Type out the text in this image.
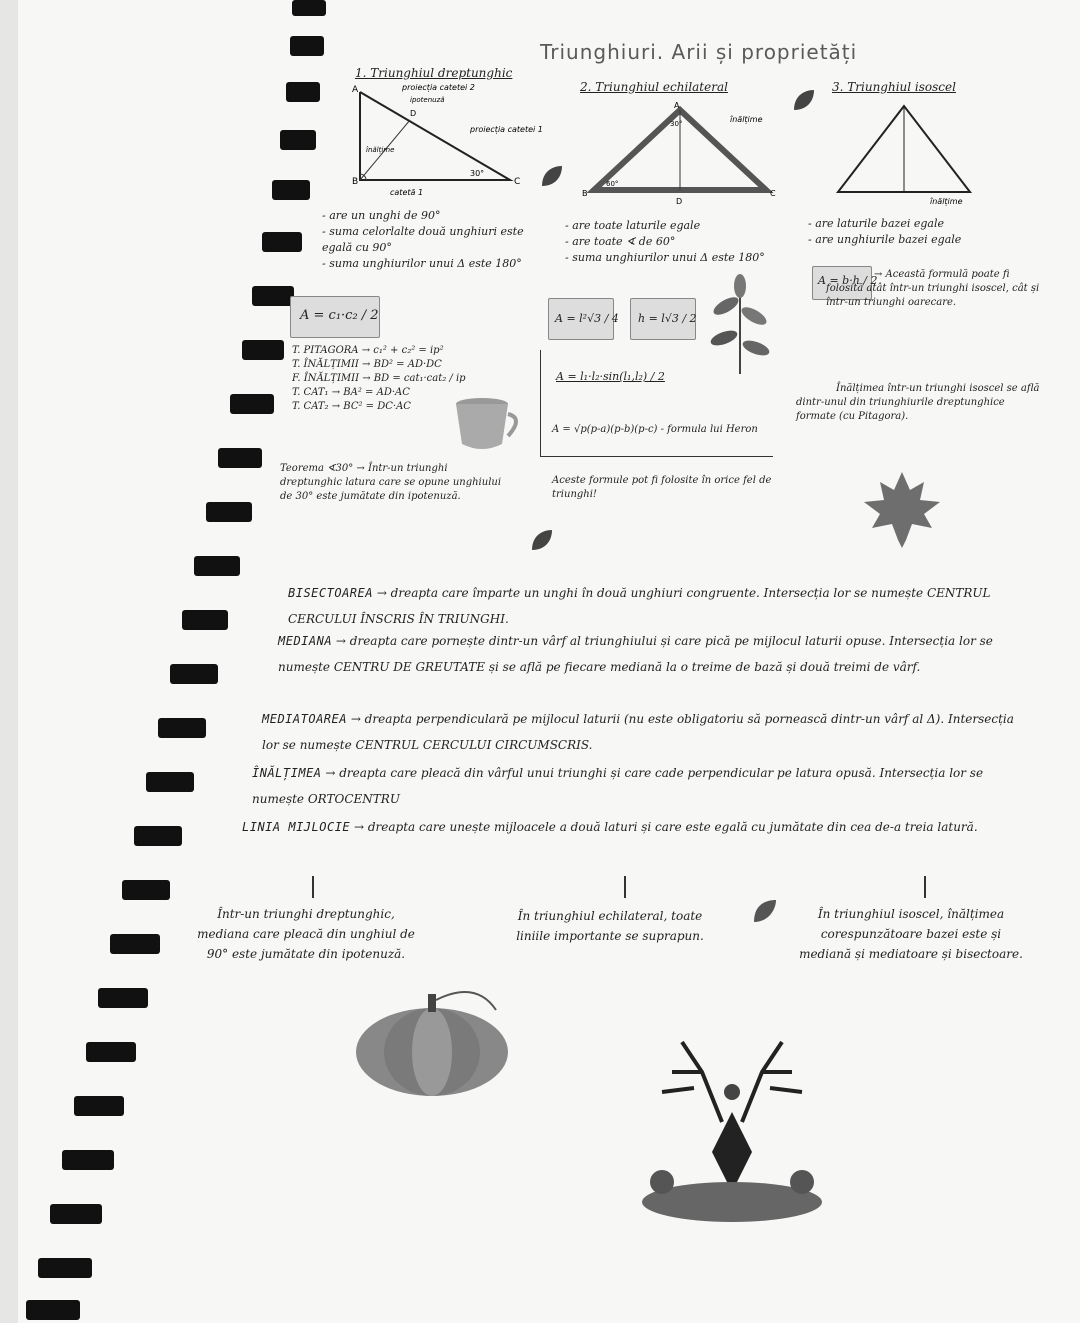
Triunghiuri. Arii și proprietăți
1. Triunghiul dreptunghic
A
B	C
D
30°
catetă 1
proiecția catetei 2
proiecția catetei 1
ipotenuză
înălțime
- are un unghi de 90°
- suma celorlalte două unghiuri este egală cu 90°
- suma unghiurilor unui Δ este 180°
A = c₁·c₂ / 2
T. PITAGORA → c₁² + c₂² = ip²
T. ÎNĂLȚIMII → BD² = AD·DC
F. ÎNĂLȚIMII → BD = cat₁·cat₂ / ip
T. CAT₁ → BA² = AD·AC
T. CAT₂ → BC² = DC·AC
Teorema ∢30° → Într-un triunghi dreptunghic latura care se opune unghiului de 30° este jumătate din ipotenuză.
2. Triunghiul echilateral
A
B	C
D
60°
30°	înălțime
- are toate laturile egale
- are toate ∢ de 60°
- suma unghiurilor unui Δ este 180°
A = l²√3 / 4 h = l√3 / 2
A = l₁·l₂·sin(l₁,l₂) / 2
A = √p(p-a)(p-b)(p-c) - formula lui Heron
Aceste formule pot fi folosite în orice fel de triunghi!
3. Triunghiul isoscel
înălțime
- are laturile bazei egale
- are unghiurile bazei egale
A = b·h / 2
→ Această formulă poate fi folosită atât într-un triunghi isoscel, cât și într-un triunghi oarecare.
Înălțimea într-un triunghi isoscel se află dintr-unul din triunghiurile dreptunghice formate (cu Pitagora).
BISECTOAREA → dreapta care împarte un unghi în două unghiuri congruente. Intersecția lor se numește CENTRUL CERCULUI ÎNSCRIS ÎN TRIUNGHI.
MEDIANA → dreapta care pornește dintr-un vârf al triunghiului și care pică pe mijlocul laturii opuse. Intersecția lor se numește CENTRU DE GREUTATE și se află pe fiecare mediană la o treime de bază și două treimi de vârf.
MEDIATOAREA → dreapta perpendiculară pe mijlocul laturii (nu este obligatoriu să pornească dintr-un vârf al Δ). Intersecția lor se numește CENTRUL CERCULUI CIRCUMSCRIS.
ÎNĂLȚIMEA → dreapta care pleacă din vârful unui triunghi și care cade perpendicular pe latura opusă. Intersecția lor se numește ORTOCENTRU
LINIA MIJLOCIE → dreapta care unește mijloacele a două laturi și care este egală cu jumătate din cea de-a treia latură.
Într-un triunghi dreptunghic, mediana care pleacă din unghiul de 90° este jumătate din ipotenuză.
În triunghiul echilateral, toate liniile importante se suprapun.
În triunghiul isoscel, înălțimea corespunzătoare bazei este și mediană și mediatoare și bisectoare.
